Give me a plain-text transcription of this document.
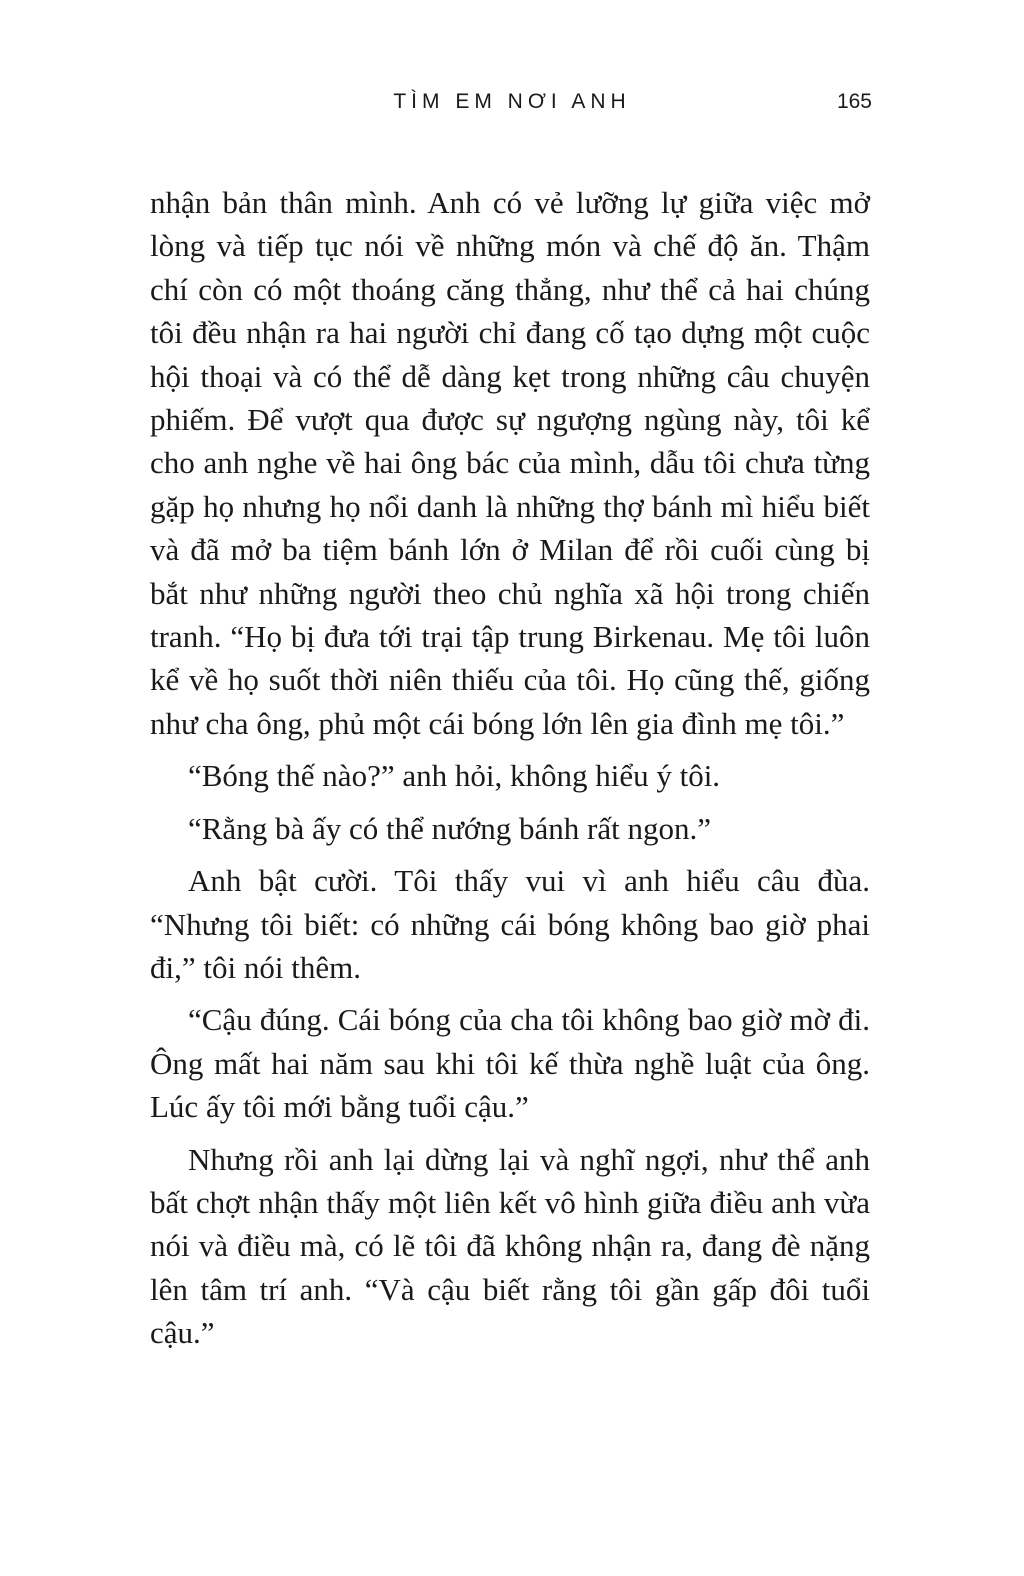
TÌM EM NƠI ANH	165

nhận bản thân mình. Anh có vẻ lưỡng lự giữa việc mở lòng và tiếp tục nói về những món và chế độ ăn. Thậm chí còn có một thoáng căng thẳng, như thể cả hai chúng tôi đều nhận ra hai người chỉ đang cố tạo dựng một cuộc hội thoại và có thể dễ dàng kẹt trong những câu chuyện phiếm. Để vượt qua được sự ngượng ngùng này, tôi kể cho anh nghe về hai ông bác của mình, dẫu tôi chưa từng gặp họ nhưng họ nổi danh là những thợ bánh mì hiểu biết và đã mở ba tiệm bánh lớn ở Milan để rồi cuối cùng bị bắt như những người theo chủ nghĩa xã hội trong chiến tranh. “Họ bị đưa tới trại tập trung Birkenau. Mẹ tôi luôn kể về họ suốt thời niên thiếu của tôi. Họ cũng thế, giống như cha ông, phủ một cái bóng lớn lên gia đình mẹ tôi.”

“Bóng thế nào?” anh hỏi, không hiểu ý tôi.

“Rằng bà ấy có thể nướng bánh rất ngon.”

Anh bật cười. Tôi thấy vui vì anh hiểu câu đùa. “Nhưng tôi biết: có những cái bóng không bao giờ phai đi,” tôi nói thêm.

“Cậu đúng. Cái bóng của cha tôi không bao giờ mờ đi. Ông mất hai năm sau khi tôi kế thừa nghề luật của ông. Lúc ấy tôi mới bằng tuổi cậu.”

Nhưng rồi anh lại dừng lại và nghĩ ngợi, như thể anh bất chợt nhận thấy một liên kết vô hình giữa điều anh vừa nói và điều mà, có lẽ tôi đã không nhận ra, đang đè nặng lên tâm trí anh. “Và cậu biết rằng tôi gần gấp đôi tuổi cậu.”
